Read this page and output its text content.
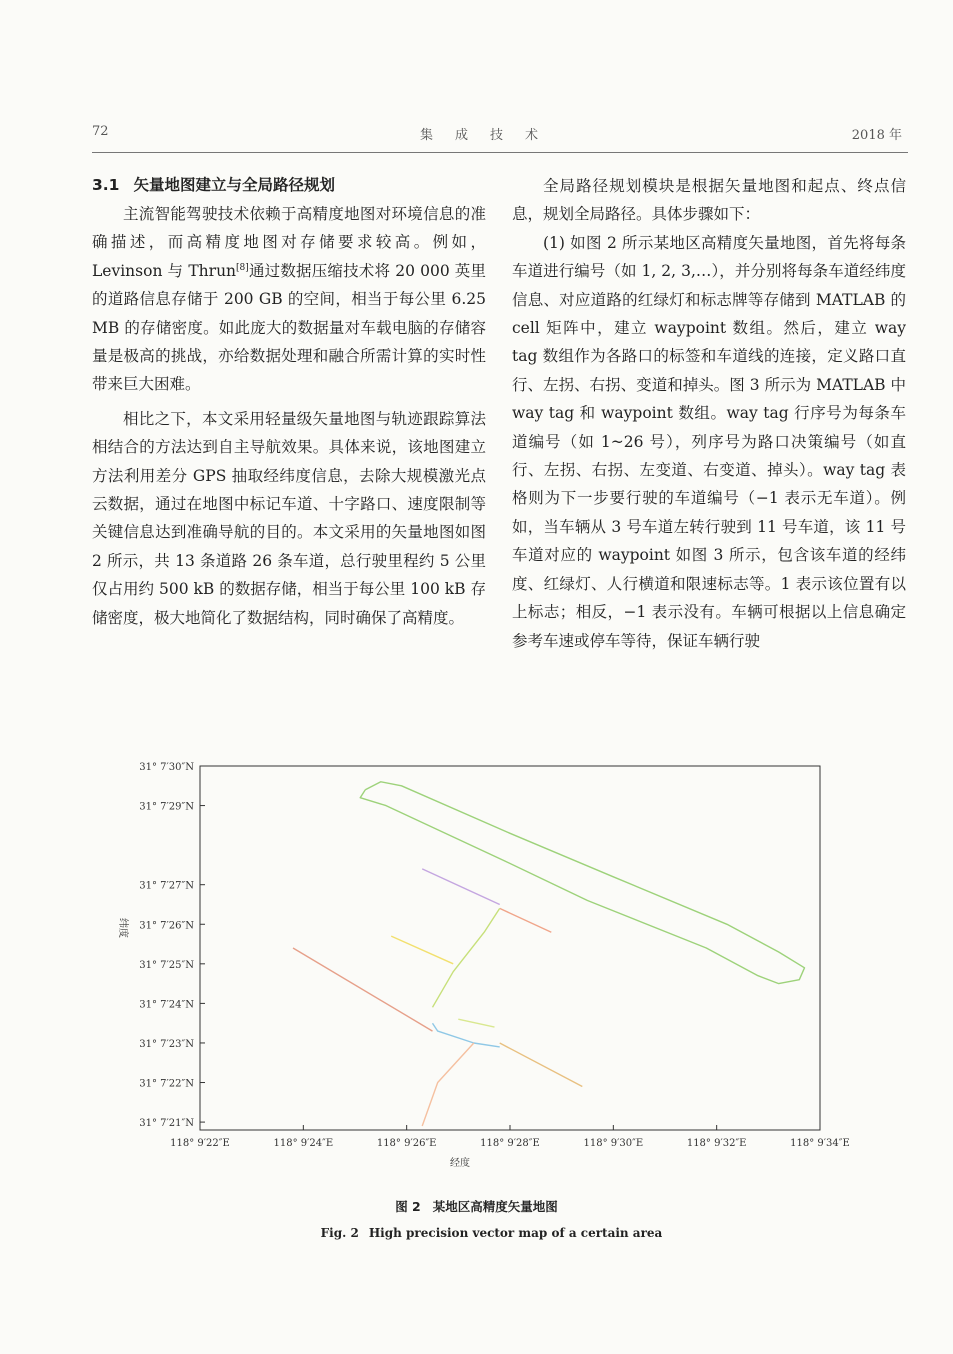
72	集成技术	2018 年
3.1 矢量地图建立与全局路径规划

主流智能驾驶技术依赖于高精度地图对环境信息的准确描述，而高精度地图对存储要求较高。例如，Levinson 与 Thrun[8]通过数据压缩技术将 20 000 英里的道路信息存储于 200 GB 的空间，相当于每公里 6.25 MB 的存储密度。如此庞大的数据量对车载电脑的存储容量是极高的挑战，亦给数据处理和融合所需计算的实时性带来巨大困难。

相比之下，本文采用轻量级矢量地图与轨迹跟踪算法相结合的方法达到自主导航效果。具体来说，该地图建立方法利用差分 GPS 抽取经纬度信息，去除大规模激光点云数据，通过在地图中标记车道、十字路口、速度限制等关键信息达到准确导航的目的。本文采用的矢量地图如图 2 所示，共 13 条道路 26 条车道，总行驶里程约 5 公里仅占用约 500 kB 的数据存储，相当于每公里 100 kB 存储密度，极大地简化了数据结构，同时确保了高精度。

全局路径规划模块是根据矢量地图和起点、终点信息，规划全局路径。具体步骤如下：

(1) 如图 2 所示某地区高精度矢量地图，首先将每条车道进行编号（如 1, 2, 3,…），并分别将每条车道经纬度信息、对应道路的红绿灯和标志牌等存储到 MATLAB 的 cell 矩阵中，建立 waypoint 数组。然后，建立 way tag 数组作为各路口的标签和车道线的连接，定义路口直行、左拐、右拐、变道和掉头。图 3 所示为 MATLAB 中 way tag 和 waypoint 数组。way tag 行序号为每条车道编号（如 1~26 号），列序号为路口决策编号（如直行、左拐、右拐、左变道、右变道、掉头）。way tag 表格则为下一步要行驶的车道编号（−1 表示无车道）。例如，当车辆从 3 号车道左转行驶到 11 号车道，该 11 号车道对应的 waypoint 如图 3 所示，包含该车道的经纬度、红绿灯、人行横道和限速标志等。1 表示该位置有以上标志；相反，−1 表示没有。车辆可根据以上信息确定参考车速或停车等待，保证车辆行驶

118° 9′22″E	118° 9′24″E	118° 9′26″E	118° 9′28″E	118° 9′30″E	118° 9′32″E	118° 9′34″E
31° 7′30″N
31° 7′29″N
31° 7′27″N
31° 7′26″N
31° 7′25″N
31° 7′24″N
31° 7′23″N
31° 7′22″N
31° 7′21″N
经度
纬度
图 2 某地区高精度矢量地图
Fig. 2 High precision vector map of a certain area
